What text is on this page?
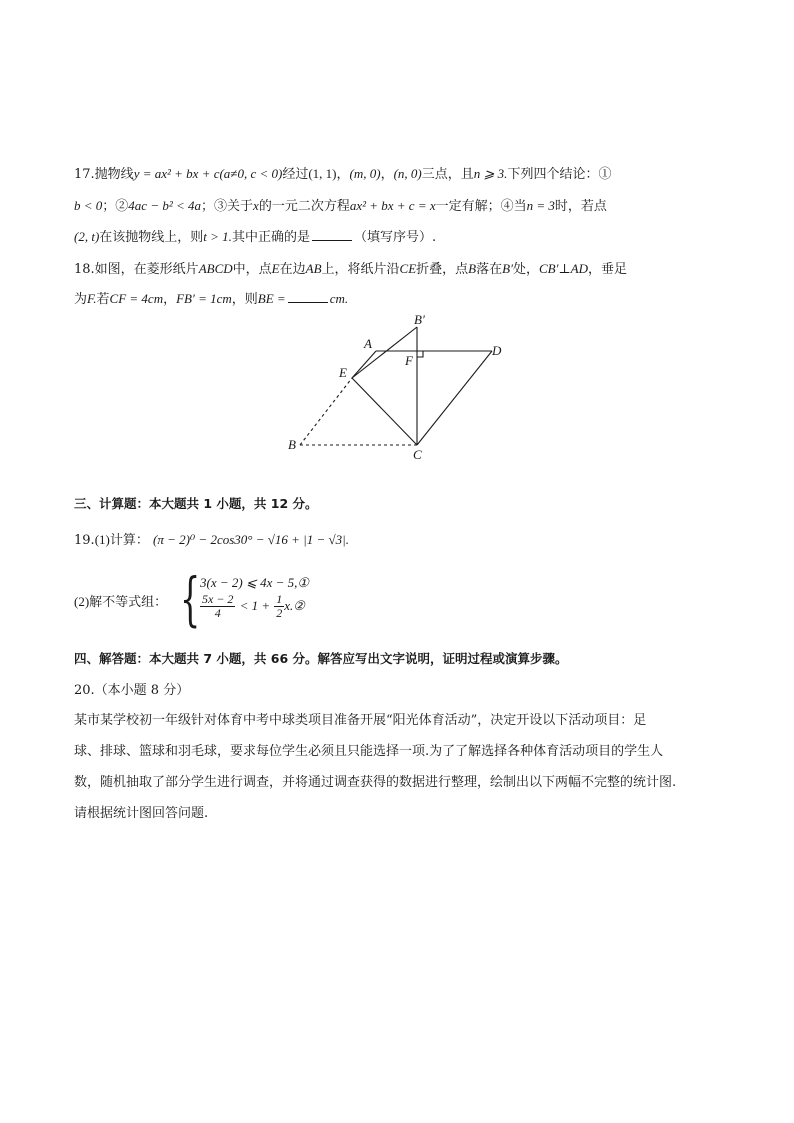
17.抛物线y = ax² + bx + c(a≠0, c < 0)经过(1, 1)，(m, 0)，(n, 0)三点，且n ⩾ 3.下列四个结论：①
b < 0；②4ac − b² < 4a；③关于x的一元二次方程ax² + bx + c = x一定有解；④当n = 3时，若点
(2, t)在该抛物线上，则t > 1.其中正确的是	（填写序号）.
18.如图，在菱形纸片ABCD中，点E在边AB上，将纸片沿CE折叠，点B落在B′处，CB′⊥AD，垂足
为F.若CF = 4cm，FB′ = 1cm，则BE =	cm.
B
C
D
A
E
F
B′
三、计算题：本大题共 1 小题，共 12 分。
19.(1)计算： (π − 2)⁰ − 2cos30° − √16 + |1 − √3|.
(2)解不等式组： { 3(x − 2) ⩽ 4x − 5,①
$\frac{5x - 2}{4} < 1 + \frac{1}{2}$ x.②
四、解答题：本大题共 7 小题，共 66 分。解答应写出文字说明，证明过程或演算步骤。
20.（本小题 8 分）
某市某学校初一年级针对体育中考中球类项目准备开展“阳光体育活动”，决定开设以下活动项目：足
球、排球、篮球和羽毛球，要求每位学生必须且只能选择一项.为了了解选择各种体育活动项目的学生人
数，随机抽取了部分学生进行调查，并将通过调查获得的数据进行整理，绘制出以下两幅不完整的统计图.
请根据统计图回答问题.
